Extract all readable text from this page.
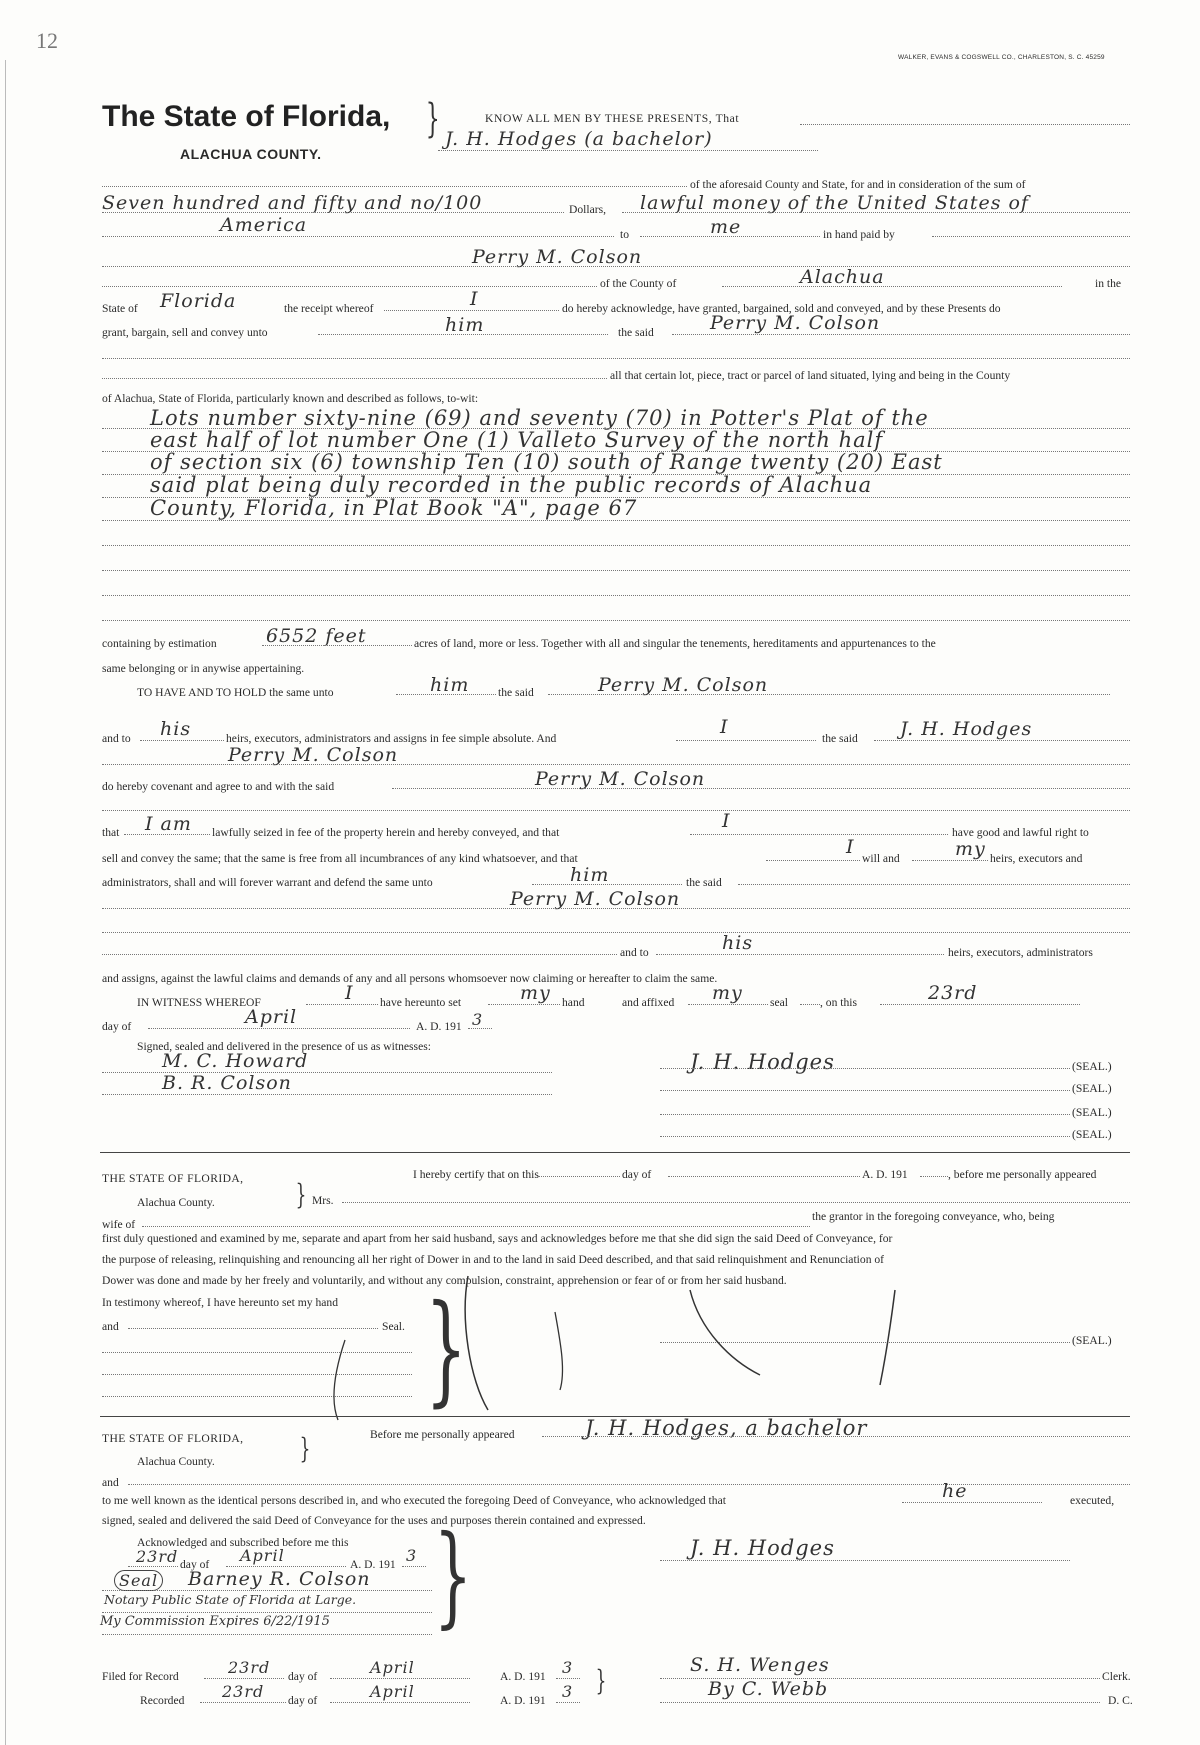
12
WALKER, EVANS & COGSWELL CO., CHARLESTON, S. C. 45259
The State of Florida,
ALACHUA COUNTY.
}	KNOW ALL MEN BY THESE PRESENTS, That
J. H. Hodges (a bachelor)
of the aforesaid County and State, for and in consideration of the sum of
Seven hundred and fifty and no/100	Dollars, lawful money of the United States of
America	to	me	in hand paid by
Perry M. Colson
of the County of	Alachua	in the
State of Florida	the receipt whereof	I	do hereby acknowledge, have granted, bargained, sold and conveyed, and by these Presents do
grant, bargain, sell and convey unto	him	the said	Perry M. Colson
all that certain lot, piece, tract or parcel of land situated, lying and being in the County
of Alachua, State of Florida, particularly known and described as follows, to-wit:
Lots number sixty-nine (69) and seventy (70) in Potter's Plat of the
east half of lot number One (1) Valleto Survey of the north half
of section six (6) township Ten (10) south of Range twenty (20) East
said plat being duly recorded in the public records of Alachua
County, Florida, in Plat Book "A", page 67
containing by estimation	6552 feet	acres of land, more or less. Together with all and singular the tenements, hereditaments and appurtenances to the
same belonging or in anywise appertaining.
TO HAVE AND TO HOLD the same unto	him the said	Perry M. Colson
and to his	heirs, executors, administrators and assigns in fee simple absolute. And
I
the said J. H. Hodges
Perry M. Colson
do hereby covenant and agree to and with the said	Perry M. Colson
that I am lawfully seized in fee of the property herein and hereby conveyed, and that
I
have good and lawful right to
sell and convey the same; that the same is free from all incumbrances of any kind whatsoever, and that
I
will and	my heirs, executors and
administrators, shall and will forever warrant and defend the same unto	him	the said
Perry M. Colson
and to	his	heirs, executors, administrators
and assigns, against the lawful claims and demands of any and all persons whomsoever now claiming or hereafter to claim the same.
IN WITNESS WHEREOF	I have hereunto set	my hand	and affixed my seal	, on this	23rd
day of	April	A. D. 191 3
Signed, sealed and delivered in the presence of us as witnesses:
M. C. Howard
B. R. Colson
J. H. Hodges	(SEAL.)
(SEAL.)
(SEAL.)
(SEAL.)
THE STATE OF FLORIDA,
Alachua County.	}
I hereby certify that on this	day of	A. D. 191	, before me personally appeared
Mrs.
wife of
the grantor in the foregoing conveyance, who, being
first duly questioned and examined by me, separate and apart from her said husband, says and acknowledges before me that she did sign the said Deed of Conveyance, for
the purpose of releasing, relinquishing and renouncing all her right of Dower in and to the land in said Deed described, and that said relinquishment and Renunciation of
Dower was done and made by her freely and voluntarily, and without any compulsion, constraint, apprehension or fear of or from her said husband.
In testimony whereof, I have hereunto set my hand
and	Seal. }	(SEAL.)
THE STATE OF FLORIDA,
Alachua County.	}	Before me personally appeared	J. H. Hodges, a bachelor
and
to me well known as the identical persons described in, and who executed the foregoing Deed of Conveyance, who acknowledged that	he	executed,
signed, sealed and delivered the said Deed of Conveyance for the uses and purposes therein contained and expressed.
Acknowledged and subscribed before me this
23rd day of April	A. D. 191 3
Seal Barney R. Colson
Notary Public State of Florida at Large.
My Commission Expires 6/22/1915 }	J. H. Hodges
Filed for Record	23rd day of	April	A. D. 191 3	S. H. Wenges
Clerk.
Recorded 23rd day of	April	A. D. 191 3	By C. Webb
D. C.
}
